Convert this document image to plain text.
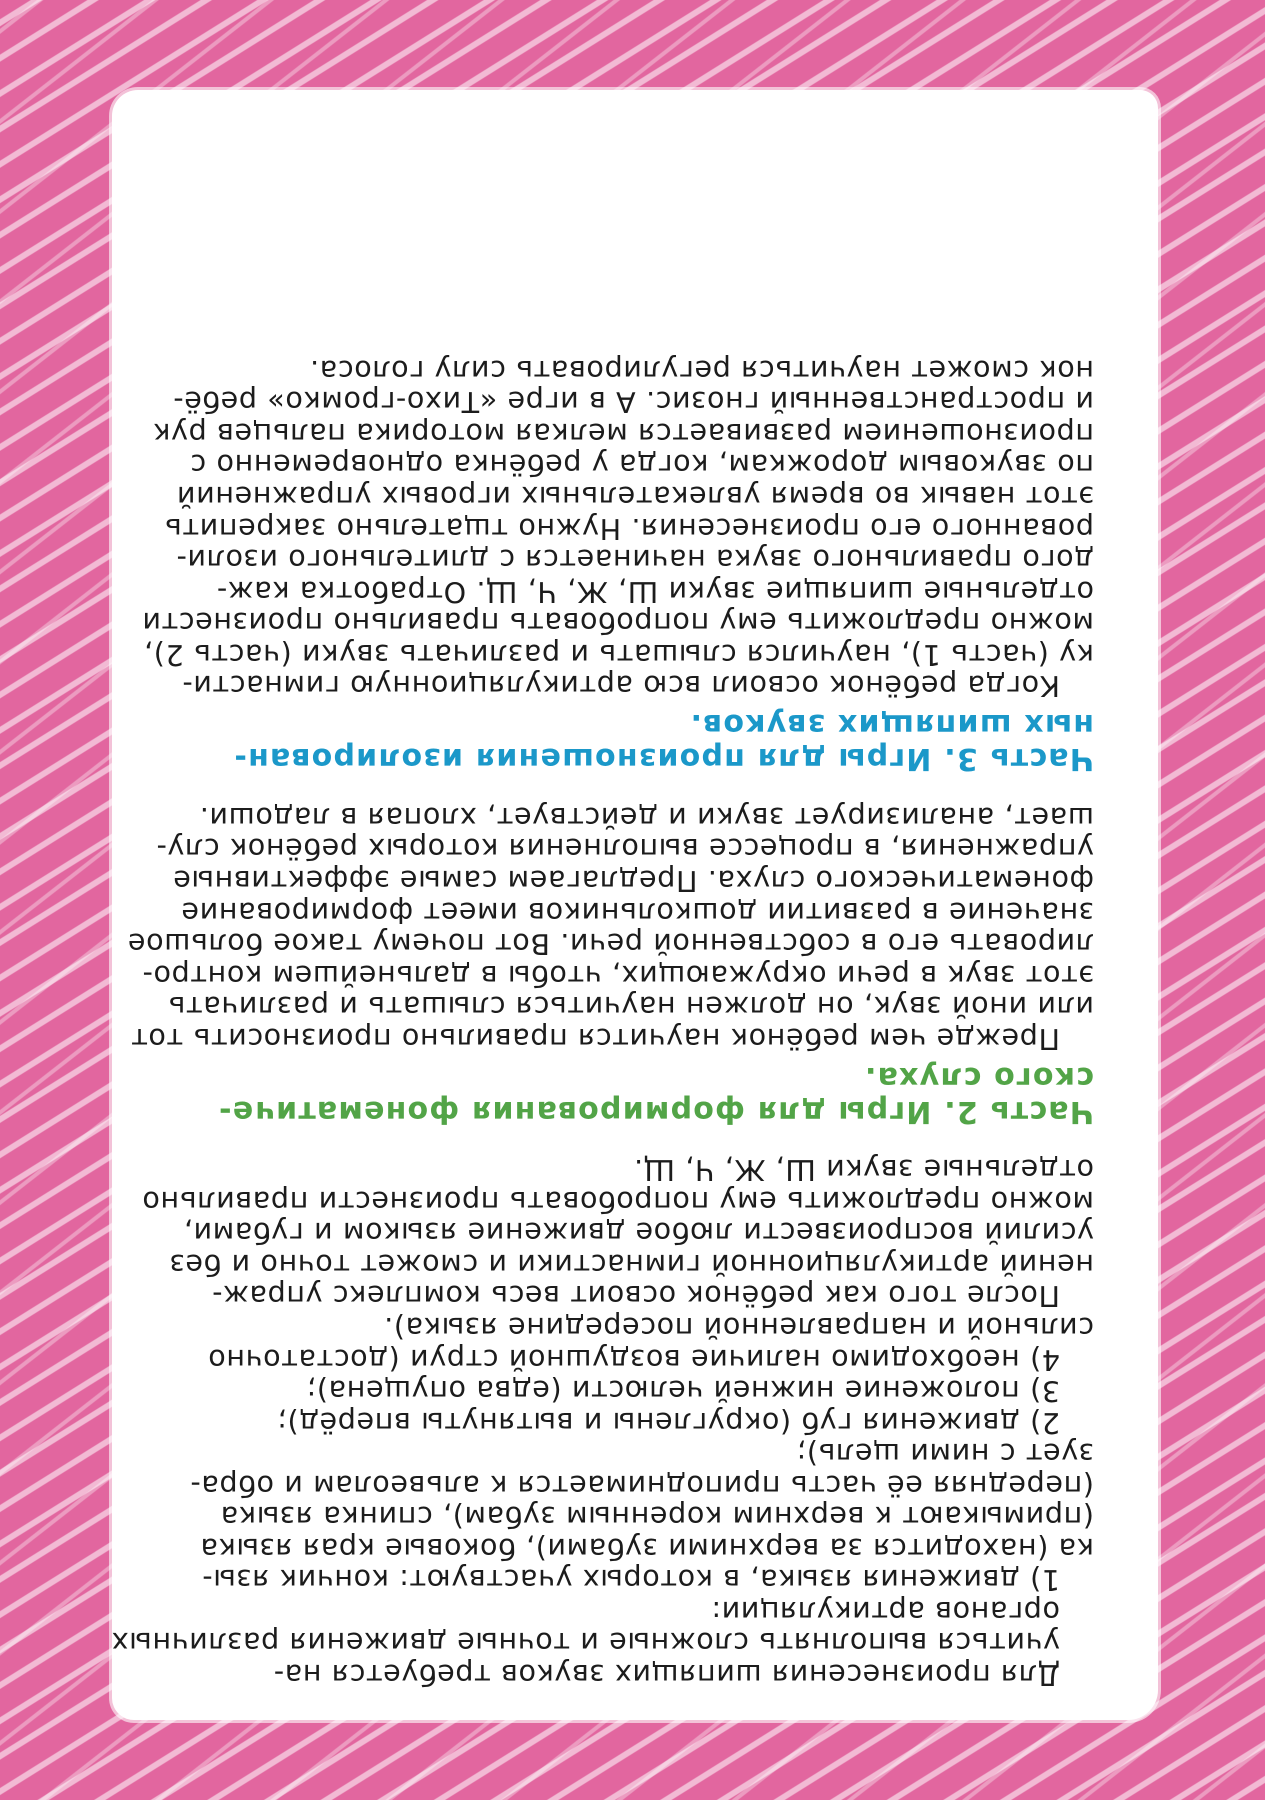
Для произнесения шипящих звуков требуется на-
учиться выполнять сложные и точные движения различных
органов артикуляции:

1) движения языка, в которых участвуют: кончик язы-
ка (находится за верхними зубами), боковые края языка
(примыкают к верхним коренным зубам), спинка языка
(передняя её часть приподнимается к альвеолам и обра-
зует с ними щель);

2) движения губ (округлены и вытянуты вперёд);

3) положение нижней челюсти (едва опущена);

4) необходимо наличие воздушной струи (достаточно
сильной и направленной посередине языка).

После того как ребёнок освоит весь комплекс упраж-
нений артикуляционной гимнастики и сможет точно и без
усилий воспроизвести любое движение языком и губами,
можно предложить ему попробовать произнести правильно
отдельные звуки Ш, Ж, Ч, Щ.

Часть 2. Игры для формирования фонематиче-
ского слуха.

Прежде чем ребёнок научится правильно произносить тот
или иной звук, он должен научиться слышать и различать
этот звук в речи окружающих, чтобы в дальнейшем контро-
лировать его в собственной речи. Вот почему такое большое
значение в развитии дошкольников имеет формирование
фонематического слуха. Предлагаем самые эффективные
упражнения, в процессе выполнения которых ребёнок слу-
шает, анализирует звуки и действует, хлопая в ладоши.

Часть 3. Игры для произношения изолирован-
ных шипящих звуков.

Когда ребёнок освоил всю артикуляционную гимнасти-
ку (часть 1), научился слышать и различать звуки (часть 2),
можно предложить ему попробовать правильно произнести
отдельные шипящие звуки Ш, Ж, Ч, Щ. Отработка каж-
дого правильного звука начинается с длительного изоли-
рованного его произнесения. Нужно тщательно закрепить
этот навык во время увлекательных игровых упражнений
по звуковым дорожкам, когда у ребёнка одновременно с
произношением развивается мелкая моторика пальцев рук
и пространственный гнозис. А в игре «Тихо-громко» ребё-
нок сможет научиться регулировать силу голоса.
